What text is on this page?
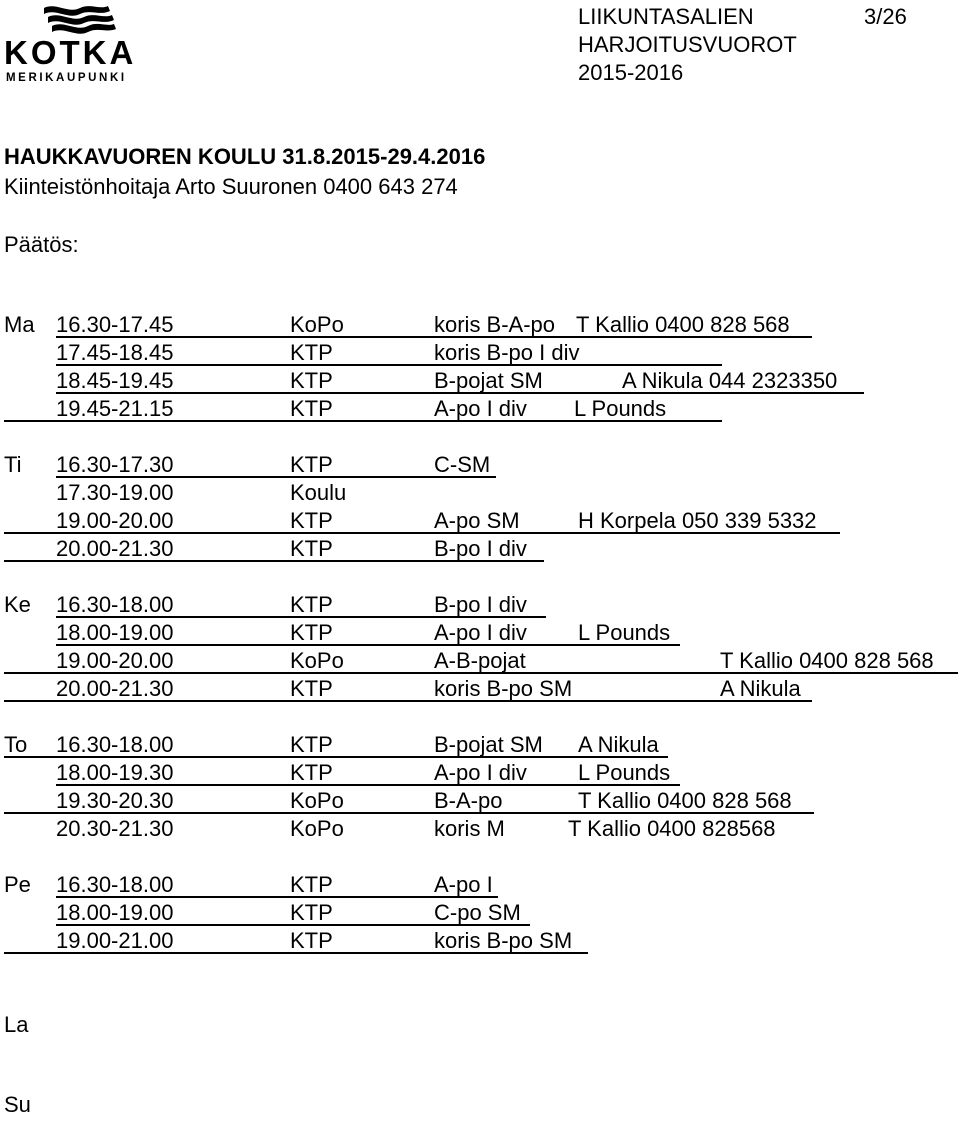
KOTKA
MERIKAUPUNKI
LIIKUNTASALIEN	3/26
HARJOITUSVUOROT
2015-2016
HAUKKAVUOREN KOULU 31.8.2015-29.4.2016
Kiinteistönhoitaja Arto Suuronen 0400 643 274
Päätös:
Ma 16.30-17.45	KoPo	koris B-A-po T Kallio 0400 828 568
17.45-18.45	KTP	koris B-po I div
18.45-19.45	KTP	B-pojat SM	A Nikula 044 2323350
19.45-21.15	KTP	A-po I div L Pounds
Ti 16.30-17.30	KTP	C-SM
17.30-19.00	Koulu
19.00-20.00	KTP	A-po SM	H Korpela 050 339 5332
20.00-21.30	KTP	B-po I div
Ke 16.30-18.00	KTP	B-po I div
18.00-19.00	KTP	A-po I div L Pounds
19.00-20.00	KoPo	A-B-pojat	T Kallio 0400 828 568
20.00-21.30	KTP	koris B-po SM	A Nikula
To 16.30-18.00	KTP	B-pojat SM A Nikula
18.00-19.30	KTP	A-po I div L Pounds
19.30-20.30	KoPo	B-A-po	T Kallio 0400 828 568
20.30-21.30	KoPo	koris M	T Kallio 0400 828568
Pe 16.30-18.00	KTP	A-po I
18.00-19.00	KTP	C-po SM
19.00-21.00	KTP	koris B-po SM
La
Su
